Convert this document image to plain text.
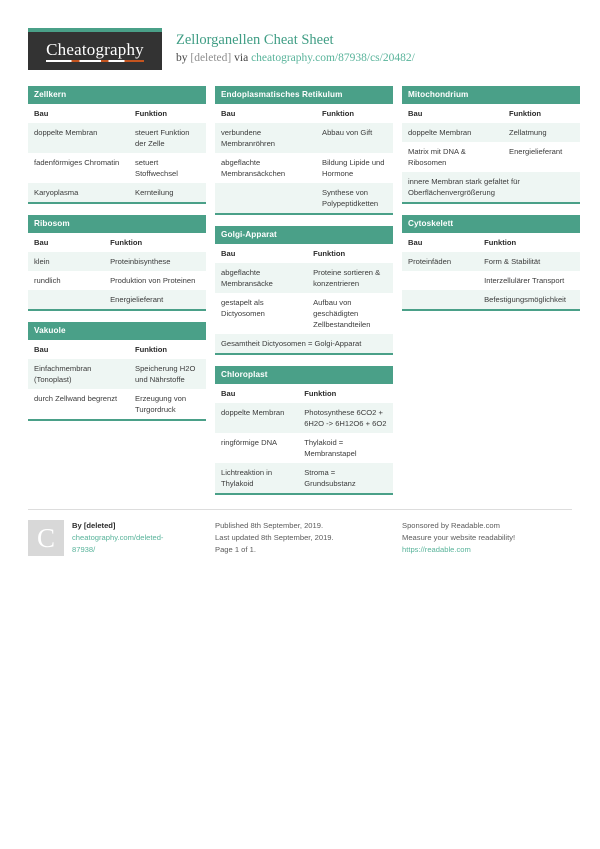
Cheatography Zellorganellen Cheat Sheet
by [deleted] via cheatography.com/87938/cs/20482/
Zellkern
Bau	Funktion
doppelte Membran	steuert Funktion der Zelle
fadenförmiges Chromatin	setuert Stoffwechsel
Karyoplasma	Kernteilung
Ribosom
Bau	Funktion
klein	Proteinbisynthese
rundlich	Produktion von Proteinen
	Energielieferant
Vakuole
Bau	Funktion
Einfachmembran (Tonoplast)	Speicherung H2O und Nährstoffe
durch Zellwand begrenzt	Erzeugung von Turgordruck
Endoplasmatisches Retikulum
Bau	Funktion
verbundene Membranröhren	Abbau von Gift
abgeflachte Membransäckchen	Bildung Lipide und Hormone
	Synthese von Polypeptidketten
Golgi-Apparat
Bau	Funktion
abgeflachte Membransäcke	Proteine sortieren & konzentrieren
gestapelt als Dictyosomen	Aufbau von geschädigten Zellbestandteilen
Gesamtheit Dictyosomen = Golgi-Apparat	
Chloroplast
Bau	Funktion
doppelte Membran	Photosynthese 6CO2 + 6H2O -> 6H12O6 + 6O2
ringförmige DNA	Thylakoid = Membranstapel
Lichtreaktion in Thylakoid	Stroma = Grundsubstanz
Mitochondrium
Bau	Funktion
doppelte Membran	Zellatmung
Matrix mit DNA & Ribosomen	Energielieferant
innere Membran stark gefaltet für Oberflächenvergrößerung	
Cytoskelett
Bau	Funktion
Proteinfäden	Form & Stabilität
	Interzellulärer Transport
	Befestigungsmöglichkeit
C	By [deleted]
cheatography.com/deleted-
87938/
Published 8th September, 2019.
Last updated 8th September, 2019.
Page 1 of 1.
Sponsored by Readable.com
Measure your website readability!
https://readable.com
